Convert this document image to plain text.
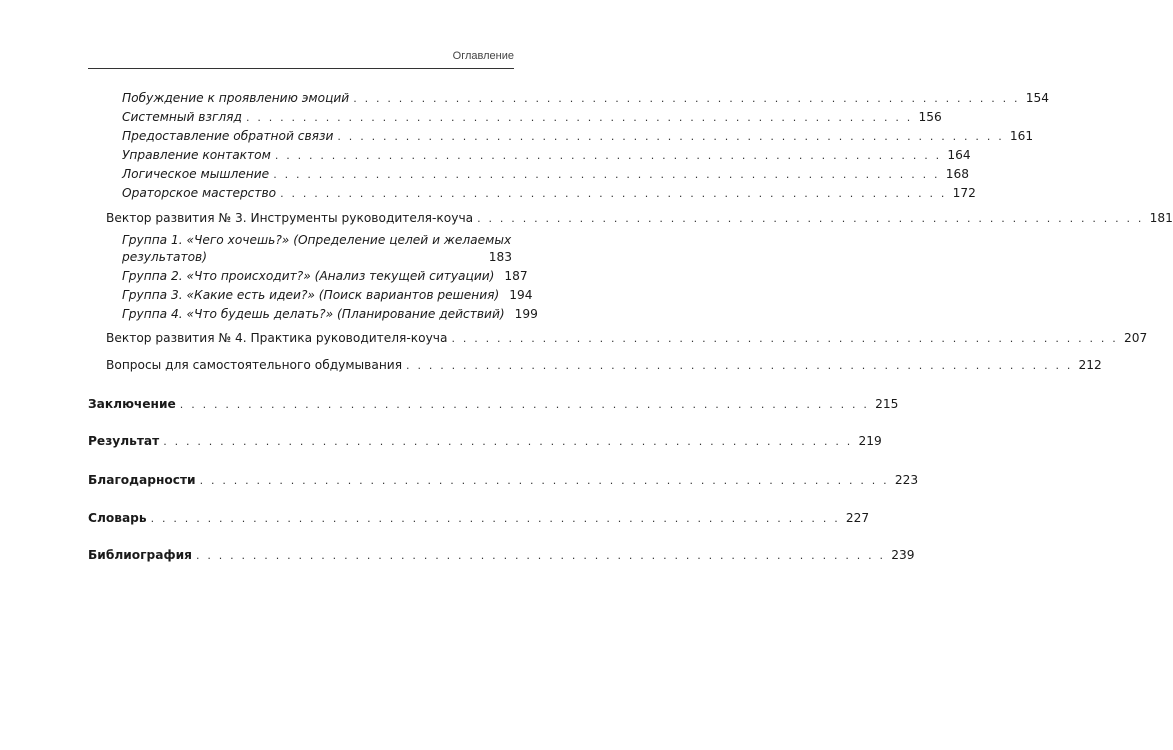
Оглавление
Побуждение к проявлению эмоций . . . . . . . . . . . . . . . . . . . . . . . . . . . . . . . . . . . . . . . . . . . . . . . . . . . . . . . . . . . 154
Системный взгляд . . . . . . . . . . . . . . . . . . . . . . . . . . . . . . . . . . . . . . . . . . . . . . . . . . . . . . . . . . . 156
Предоставление обратной связи . . . . . . . . . . . . . . . . . . . . . . . . . . . . . . . . . . . . . . . . . . . . . . . . . . . . . . . . . . . 161
Управление контактом . . . . . . . . . . . . . . . . . . . . . . . . . . . . . . . . . . . . . . . . . . . . . . . . . . . . . . . . . . . 164
Логическое мышление . . . . . . . . . . . . . . . . . . . . . . . . . . . . . . . . . . . . . . . . . . . . . . . . . . . . . . . . . . . 168
Ораторское мастерство . . . . . . . . . . . . . . . . . . . . . . . . . . . . . . . . . . . . . . . . . . . . . . . . . . . . . . . . . . . 172
Вектор развития № 3. Инструменты руководителя-коуча . . . . . . . . . . . . . . . . . . . . . . . . . . . . . . . . . . . . . . . . . . . . . . . . . . . . . . . . . . . 181
Группа 1. «Чего хочешь?» (Определение целей и желаемых
результатов)	183
Группа 2. «Что происходит?» (Анализ текущей ситуации) 187
Группа 3. «Какие есть идеи?» (Поиск вариантов решения) 194
Группа 4. «Что будешь делать?» (Планирование действий) 199
Вектор развития № 4. Практика руководителя-коуча . . . . . . . . . . . . . . . . . . . . . . . . . . . . . . . . . . . . . . . . . . . . . . . . . . . . . . . . . . . 207
Вопросы для самостоятельного обдумывания . . . . . . . . . . . . . . . . . . . . . . . . . . . . . . . . . . . . . . . . . . . . . . . . . . . . . . . . . . . 212
Заключение . . . . . . . . . . . . . . . . . . . . . . . . . . . . . . . . . . . . . . . . . . . . . . . . . . . . . . . . . . . . . 215
Результат . . . . . . . . . . . . . . . . . . . . . . . . . . . . . . . . . . . . . . . . . . . . . . . . . . . . . . . . . . . . . 219
Благодарности . . . . . . . . . . . . . . . . . . . . . . . . . . . . . . . . . . . . . . . . . . . . . . . . . . . . . . . . . . . . . 223
Словарь . . . . . . . . . . . . . . . . . . . . . . . . . . . . . . . . . . . . . . . . . . . . . . . . . . . . . . . . . . . . . 227
Библиография . . . . . . . . . . . . . . . . . . . . . . . . . . . . . . . . . . . . . . . . . . . . . . . . . . . . . . . . . . . . . 239
